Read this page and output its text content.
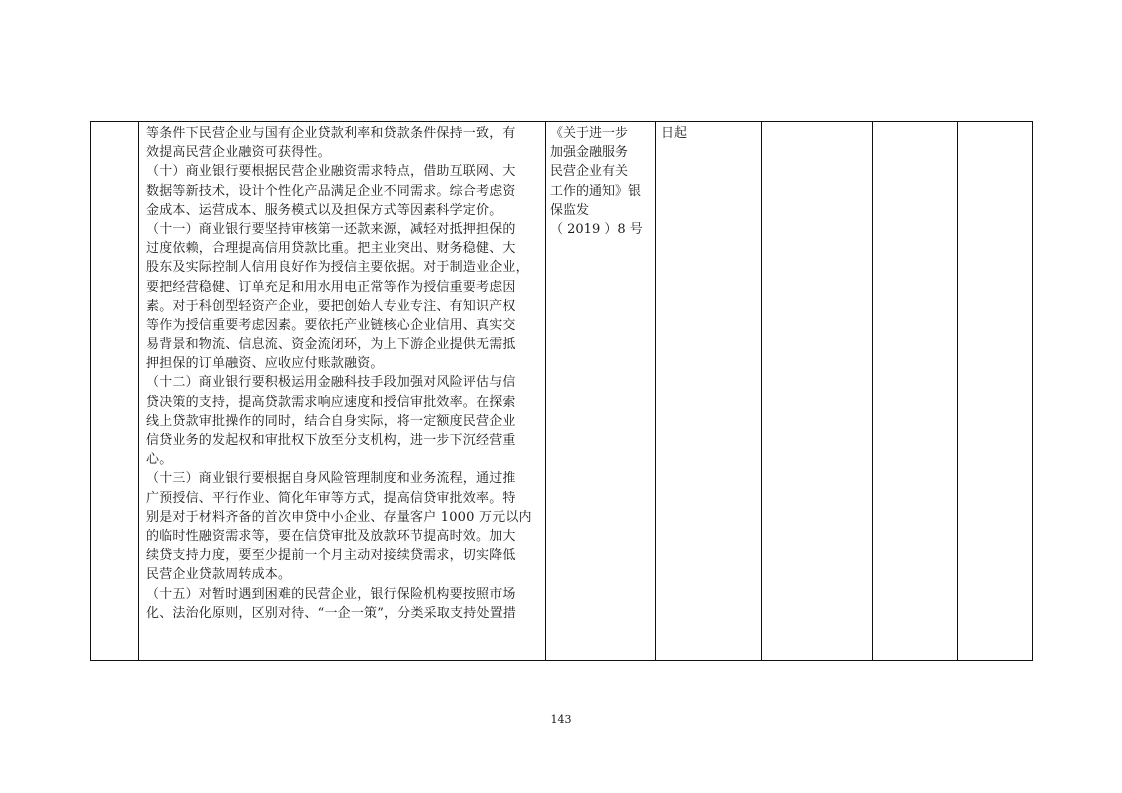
等条件下民营企业与国有企业贷款利率和贷款条件保持一致，有
效提高民营企业融资可获得性。
（十）商业银行要根据民营企业融资需求特点，借助互联网、大
数据等新技术，设计个性化产品满足企业不同需求。综合考虑资
金成本、运营成本、服务模式以及担保方式等因素科学定价。
（十一）商业银行要坚持审核第一还款来源，减轻对抵押担保的
过度依赖，合理提高信用贷款比重。把主业突出、财务稳健、大
股东及实际控制人信用良好作为授信主要依据。对于制造业企业，
要把经营稳健、订单充足和用水用电正常等作为授信重要考虑因
素。对于科创型轻资产企业，要把创始人专业专注、有知识产权
等作为授信重要考虑因素。要依托产业链核心企业信用、真实交
易背景和物流、信息流、资金流闭环，为上下游企业提供无需抵
押担保的订单融资、应收应付账款融资。
（十二）商业银行要积极运用金融科技手段加强对风险评估与信
贷决策的支持，提高贷款需求响应速度和授信审批效率。在探索
线上贷款审批操作的同时，结合自身实际，将一定额度民营企业
信贷业务的发起权和审批权下放至分支机构，进一步下沉经营重
心。
（十三）商业银行要根据自身风险管理制度和业务流程，通过推
广预授信、平行作业、简化年审等方式，提高信贷审批效率。特
别是对于材料齐备的首次申贷中小企业、存量客户 1000 万元以内
的临时性融资需求等，要在信贷审批及放款环节提高时效。加大
续贷支持力度，要至少提前一个月主动对接续贷需求，切实降低
民营企业贷款周转成本。
（十五）对暂时遇到困难的民营企业，银行保险机构要按照市场
化、法治化原则，区别对待、“一企一策”，分类采取支持处置措
《关于进一步
加强金融服务
民营企业有关
工作的通知》银
保监发
（ 2019 ）8 号
日起
143
